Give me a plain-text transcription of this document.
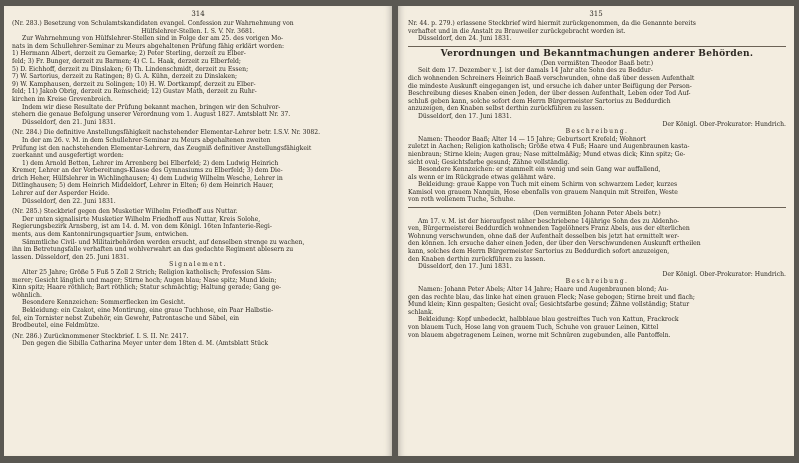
314
(Nr. 283.) Besetzung von Schulamtskandidaten evangel. Confession zur Wahrnehmung von
Hülfslehrer-Stellen. I. S. V. Nr. 3681.
Zur Wahrnehmung von Hülfslehrer-Stellen sind in Folge der am 25. des vorigen Mo-
nats in dem Schullehrer-Seminar zu Meurs abgehaltenen Prüfung fähig erklärt worden:
1) Hermann Albert, derzeit zu Gemarke; 2) Peter Sterling, derzeit zu Elber-
feld; 3) Fr. Bunger, derzeit zu Barmen; 4) C. L. Haak, derzeit zu Elberfeld;
5) D. Eichhoff, derzeit zu Dinslaken; 6) Th. Lindenschmidt, derzeit zu Essen;
7) W. Sartorius, derzeit zu Ratingen; 8) G. A. Kühn, derzeit zu Dinslaken;
9) W. Kamphausen, derzeit zu Solingen; 10) H. W. Dortkampf, derzeit zu Elber-
feld; 11) Jakob Obrig, derzeit zu Remscheid; 12) Gustav Math, derzeit zu Ruhr-
kirchen im Kreise Grevenbroich.
Indem wir diese Resultate der Prüfung bekannt machen, bringen wir den Schulvor-
stehern die genaue Befolgung unserer Verordnung vom 1. August 1827. Amtsblatt Nr. 37.
Düsseldorf, den 21. Juni 1831.
(Nr. 284.) Die definitive Anstellungsfähigkeit nachstehender Elementar-Lehrer betr. I.S.V. Nr. 3082.
In der am 26. v. M. in dem Schullehrer-Seminar zu Meurs abgehaltenen zweiten
Prüfung ist den nachstehenden Elementar-Lehrern, das Zeugniß definitiver Anstellungsfähigkeit
zuerkannt und ausgefertigt worden:
1) dem Arnold Betten, Lehrer im Arrenberg bei Elberfeld; 2) dem Ludwig Heinrich
Kremer, Lehrer an der Vorbereitungs-Klasse des Gymnasiums zu Elberfeld; 3) dem Die-
drich Heher, Hülfslehrer in Wichlinghausen; 4) dem Ludwig Wilhelm Wesche, Lehrer in
Ditlinghausen; 5) dem Heinrich Middeldorf, Lehrer in Elten; 6) dem Heinrich Hauer,
Lehrer auf der Asperder Heide.
Düsseldorf, den 22. Juni 1831.
(Nr. 285.) Steckbrief gegen den Musketier Wilhelm Friedhoff aus Nuttar.
Der unten signalisirte Musketier Wilhelm Friedhoff aus Nuttar, Kreis Solohe,
Regierungsbezirk Arnsberg, ist am 14. d. M. von dem Königl. 16ten Infanterie-Regi-
ments, aus dem Kantonnirungsquartier Jsum, entwichen.
Sämmtliche Civil- und Militairbehörden werden ersucht, auf denselben strenge zu wachen,
ihn im Betretungsfalle verhaften und wohlverwahrt an das gedachte Regiment ablesern zu
lassen. Düsseldorf, den 25. Juni 1831.
Signalement.
Alter 25 Jahre; Größe 5 Fuß 5 Zoll 2 Strich; Religion katholisch; Profession Säm-
merer; Gesicht länglich und mager; Stirne hoch; Augen blau; Nase spitz; Mund klein;
Kinn spitz; Haare röthlich; Bart röthlich; Statur schmächtig; Haltung gerade; Gang ge-
wöhnlich.
Besondere Kennzeichen: Sommerflecken im Gesicht.
Bekleidung: ein Czakot, eine Montirung, eine graue Tuchhose, ein Paar Halbstie-
fel, ein Tornister nebst Zubehör, ein Gewehr, Patrontasche und Säbel, ein
Brodbeutel, eine Feldmütze.
(Nr. 286.) Zurücknommener Steckbrief. I. S. II. Nr. 2417.
Den gegen die Sibilla Catharina Meyer unter dem 18ten d. M. (Amtsblatt Stück
315
Nr. 44. p. 279.) erlassene Steckbrief wird hiermit zurückgenommen, da die Genannte bereits
verhaftet und in die Anstalt zu Brauweiler zurückgebracht worden ist.
Düsseldorf, den 24. Juni 1831.
Verordnungen und Bekanntmachungen anderer Behörden.
(Den vermißten Theodor Baaß betr.)
Seit dem 17. Dezember v. J. ist der damals 14 Jahr alte Sohn des zu Beddur-
dich wohnenden Schreiners Heinrich Baaß verschwunden, ohne daß über dessen Aufenthalt
die mindeste Auskunft eingegangen ist, und ersuche ich daher unter Beifügung der Person-
Beschreibung dieses Knaben einen Jeden, der über dessen Aufenthalt, Leben oder Tod Auf-
schluß geben kann, solche sofort dem Herrn Bürgermeister Sartorius zu Beddurdich
anzuzeigen, den Knaben selbst derthin zurückführen zu lassen.
Düsseldorf, den 17. Juni 1831.
Der Königl. Ober-Prokurator: Hundrich.
Beschreibung.
Namen: Theodor Baaß; Alter 14 — 15 Jahre; Geburtsort Krefeld; Wohnort
zuletzt in Aachen; Religion katholisch; Größe etwa 4 Fuß; Haare und Augenbraunen kasta-
nienbraun; Stirne klein; Augen grau; Nase mittelmäßig; Mund etwas dick; Kinn spitz; Ge-
sicht oval; Gesichtsfarbe gesund; Zähne vollständig.
Besondere Kennzeichen: er stammelt ein wenig und sein Gang war auffallend,
als wenn er im Rückgrade etwas gelähmt wäre.
Bekleidung: graue Kappe von Tuch mit einem Schirm von schwarzem Leder, kurzes
Kamisol von grauem Nanquin, Hose ebenfalls von grauem Nanquin mit Streifen, Weste
von roth wollenem Tuche, Schuhe.
(Den vermißten Johann Peter Abels betr.)
Am 17. v. M. ist der hieraufgest näher beschriebene 14jährige Sohn des zu Aldenho-
ven, Bürgermeisterei Beddurdich wohnenden Tagelöhners Franz Abels, aus der elterlichen
Wohnung verschwunden, ohne daß der Aufenthalt desselben bis jetzt hat ermittelt wer-
den können. Ich ersuche daher einen Jeden, der über den Verschwundenen Auskunft ertheilen
kann, solches dem Herrn Bürgermeister Sartorius zu Beddurdich sofort anzuzeigen,
den Knaben derthin zurückführen zu lassen.
Düsseldorf, den 17. Juni 1831.
Der Königl. Ober-Prokurator: Hundrich.
Beschreibung.
Namen: Johann Peter Abels; Alter 14 Jahre; Haare und Augenbraunen blond; Au-
gen das rechte blau, das linke hat einen grauen Fleck; Nase gebogen; Stirne breit und flach;
Mund klein; Kinn gespalten; Gesicht oval; Gesichtsfarbe gesund; Zähne vollständig; Statur
schlank.
Bekleidung: Kopf unbedeckt, halbblaue blau gestreiftes Tuch von Kattun, Frackrock
von blauem Tuch, Hose lang von grauem Tuch, Schuhe von grauer Leinen, Kittel
von blauem abgetragenem Leinen, worne mit Schnüren zugebunden, alle Pantoffeln.
